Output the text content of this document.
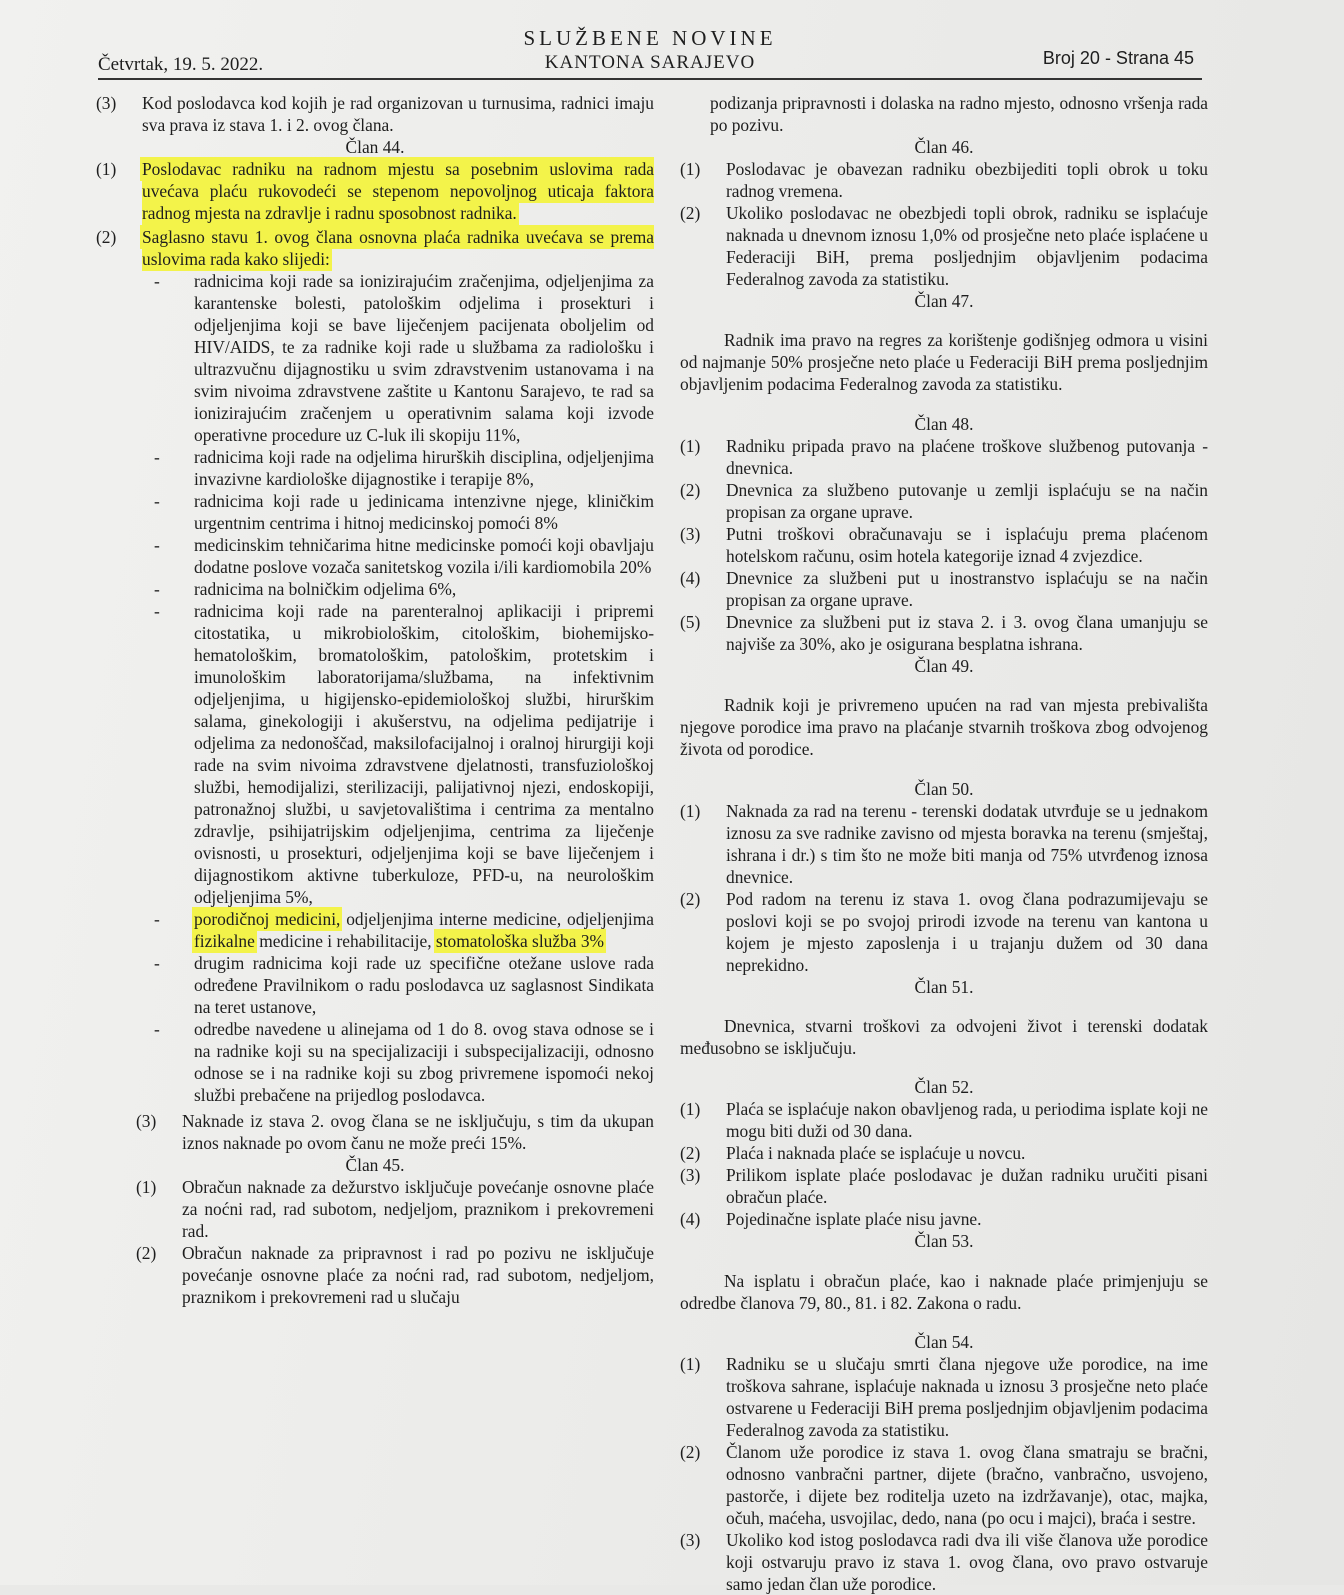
SLUŽBENE NOVINE
KANTONA SARAJEVO
Četvrtak, 19. 5. 2022.	Broj 20 - Strana 45
(3)	Kod poslodavca kod kojih je rad organizovan u turnusima, radnici imaju sva prava iz stava 1. i 2. ovog člana.

Član 44.

(1)	Poslodavac radniku na radnom mjestu sa posebnim uslovima rada uvećava plaću rukovodeći se stepenom nepovoljnog uticaja faktora radnog mjesta na zdravlje i radnu sposobnost radnika.
(2)	Saglasno stavu 1. ovog člana osnovna plaća radnika uvećava se prema uslovima rada kako slijedi:
-	radnicima koji rade sa ionizirajućim zračenjima, odjeljenjima za karantenske bolesti, patološkim odjelima i prosekturi i odjeljenjima koji se bave liječenjem pacijenata oboljelim od HIV/AIDS, te za radnike koji rade u službama za radiološku i ultrazvučnu dijagnostiku u svim zdravstvenim ustanovama i na svim nivoima zdravstvene zaštite u Kantonu Sarajevo, te rad sa ionizirajućim zračenjem u operativnim salama koji izvode operativne procedure uz C-luk ili skopiju 11%,
-	radnicima koji rade na odjelima hirurških disciplina, odjeljenjima invazivne kardiološke dijagnostike i terapije 8%,
-	radnicima koji rade u jedinicama intenzivne njege, kliničkim urgentnim centrima i hitnoj medicinskoj pomoći 8%
-	medicinskim tehničarima hitne medicinske pomoći koji obavljaju dodatne poslove vozača sanitetskog vozila i/ili kardiomobila 20%
-	radnicima na bolničkim odjelima 6%,
-	radnicima koji rade na parenteralnoj aplikaciji i pripremi citostatika, u mikrobiološkim, citološkim, biohemijsko-hematološkim, bromatološkim, patološkim, protetskim i imunološkim laboratorijama/službama, na infektivnim odjeljenjima, u higijensko-epidemiološkoj službi, hirurškim salama, ginekologiji i akušerstvu, na odjelima pedijatrije i odjelima za nedonoščad, maksilofacijalnoj i oralnoj hirurgiji koji rade na svim nivoima zdravstvene djelatnosti, transfuziološkoj službi, hemodijalizi, sterilizaciji, palijativnoj njezi, endoskopiji, patronažnoj službi, u savjetovalištima i centrima za mentalno zdravlje, psihijatrijskim odjeljenjima, centrima za liječenje ovisnosti, u prosekturi, odjeljenjima koji se bave liječenjem i dijagnostikom aktivne tuberkuloze, PFD-u, na neurološkim odjeljenjima 5%,
-	porodičnoj medicini, odjeljenjima interne medicine, odjeljenjima fizikalne medicine i rehabilitacije, stomatološka služba 3%
-	drugim radnicima koji rade uz specifične otežane uslove rada određene Pravilnikom o radu poslodavca uz saglasnost Sindikata na teret ustanove,
-	odredbe navedene u alinejama od 1 do 8. ovog stava odnose se i na radnike koji su na specijalizaciji i subspecijalizaciji, odnosno odnose se i na radnike koji su zbog privremene ispomoći nekoj službi prebačene na prijedlog poslodavca.
(3)	Naknade iz stava 2. ovog člana se ne isključuju, s tim da ukupan iznos naknade po ovom čanu ne može preći 15%.

Član 45.

(1)	Obračun naknade za dežurstvo isključuje povećanje osnovne plaće za noćni rad, rad subotom, nedjeljom, praznikom i prekovremeni rad.
(2)	Obračun naknade za pripravnost i rad po pozivu ne isključuje povećanje osnovne plaće za noćni rad, rad subotom, nedjeljom, praznikom i prekovremeni rad u slučaju

podizanja pripravnosti i dolaska na radno mjesto, odnosno vršenja rada po pozivu.

Član 46.

(1)	Poslodavac je obavezan radniku obezbijediti topli obrok u toku radnog vremena.
(2)	Ukoliko poslodavac ne obezbjedi topli obrok, radniku se isplaćuje naknada u dnevnom iznosu 1,0% od prosječne neto plaće isplaćene u Federaciji BiH, prema posljednjim objavljenim podacima Federalnog zavoda za statistiku.

Član 47.

Radnik ima pravo na regres za korištenje godišnjeg odmora u visini od najmanje 50% prosječne neto plaće u Federaciji BiH prema posljednjim objavljenim podacima Federalnog zavoda za statistiku.

Član 48.

(1)	Radniku pripada pravo na plaćene troškove službenog putovanja - dnevnica.
(2)	Dnevnica za službeno putovanje u zemlji isplaćuju se na način propisan za organe uprave.
(3)	Putni troškovi obračunavaju se i isplaćuju prema plaćenom hotelskom računu, osim hotela kategorije iznad 4 zvjezdice.
(4)	Dnevnice za službeni put u inostranstvo isplaćuju se na način propisan za organe uprave.
(5)	Dnevnice za službeni put iz stava 2. i 3. ovog člana umanjuju se najviše za 30%, ako je osigurana besplatna ishrana.

Član 49.

Radnik koji je privremeno upućen na rad van mjesta prebivališta njegove porodice ima pravo na plaćanje stvarnih troškova zbog odvojenog života od porodice.

Član 50.

(1)	Naknada za rad na terenu - terenski dodatak utvrđuje se u jednakom iznosu za sve radnike zavisno od mjesta boravka na terenu (smještaj, ishrana i dr.) s tim što ne može biti manja od 75% utvrđenog iznosa dnevnice.
(2)	Pod radom na terenu iz stava 1. ovog člana podrazumijevaju se poslovi koji se po svojoj prirodi izvode na terenu van kantona u kojem je mjesto zaposlenja i u trajanju dužem od 30 dana neprekidno.

Član 51.

Dnevnica, stvarni troškovi za odvojeni život i terenski dodatak međusobno se isključuju.

Član 52.

(1)	Plaća se isplaćuje nakon obavljenog rada, u periodima isplate koji ne mogu biti duži od 30 dana.
(2)	Plaća i naknada plaće se isplaćuje u novcu.
(3)	Prilikom isplate plaće poslodavac je dužan radniku uručiti pisani obračun plaće.
(4)	Pojedinačne isplate plaće nisu javne.

Član 53.

Na isplatu i obračun plaće, kao i naknade plaće primjenjuju se odredbe članova 79, 80., 81. i 82. Zakona o radu.

Član 54.

(1)	Radniku se u slučaju smrti člana njegove uže porodice, na ime troškova sahrane, isplaćuje naknada u iznosu 3 prosječne neto plaće ostvarene u Federaciji BiH prema posljednjim objavljenim podacima Federalnog zavoda za statistiku.
(2)	Članom uže porodice iz stava 1. ovog člana smatraju se bračni, odnosno vanbračni partner, dijete (bračno, vanbračno, usvojeno, pastorče, i dijete bez roditelja uzeto na izdržavanje), otac, majka, očuh, maćeha, usvojilac, dedo, nana (po ocu i majci), braća i sestre.
(3)	Ukoliko kod istog poslodavca radi dva ili više članova uže porodice koji ostvaruju pravo iz stava 1. ovog člana, ovo pravo ostvaruje samo jedan član uže porodice.
